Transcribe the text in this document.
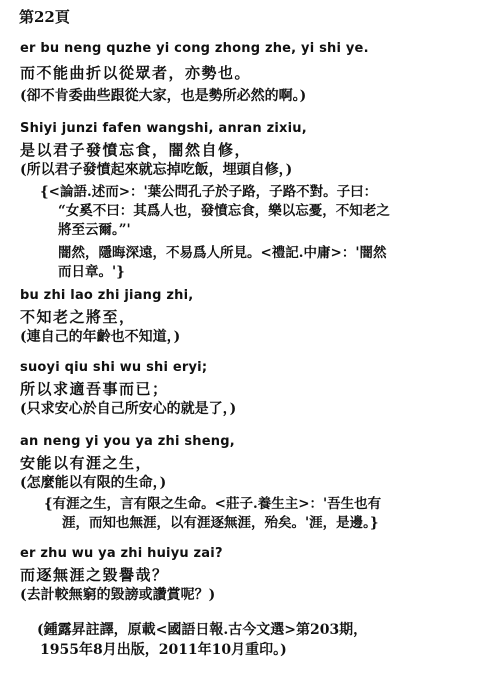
第22頁
er bu neng quzhe yi cong zhong zhe, yi shi ye.
而不能曲折以從眾者，亦勢也。
(卻不肯委曲些跟從大家，也是勢所必然的啊。)
Shiyi junzi fafen wangshi, anran zixiu,
是以君子發憤忘食，闇然自修，
(所以君子發憤起來就忘掉吃飯，埋頭自修，)
{<論語.述而>：'葉公問孔子於子路，子路不對。子曰：
“女奚不曰：其爲人也，發憤忘食，樂以忘憂，不知老之
將至云爾。”'
闇然，隱晦深遠，不易爲人所見。<禮記.中庸>：'闇然
而日章。'}
bu zhi lao zhi jiang zhi,
不知老之將至，
(連自己的年齡也不知道，)
suoyi qiu shi wu shi eryi;
所以求適吾事而已；
(只求安心於自己所安心的就是了，)
an neng yi you ya zhi sheng,
安能以有涯之生，
(怎麼能以有限的生命，)
{有涯之生，言有限之生命。<莊子.養生主>：'吾生也有
涯，而知也無涯，以有涯逐無涯，殆矣。'涯，是邊。}
er zhu wu ya zhi huiyu zai?
而逐無涯之毀譽哉？
(去計較無窮的毀謗或讚賞呢？)
(鍾露昇註譯，原載<國語日報.古今文選>第203期，
1955年8月出版，2011年10月重印。)
